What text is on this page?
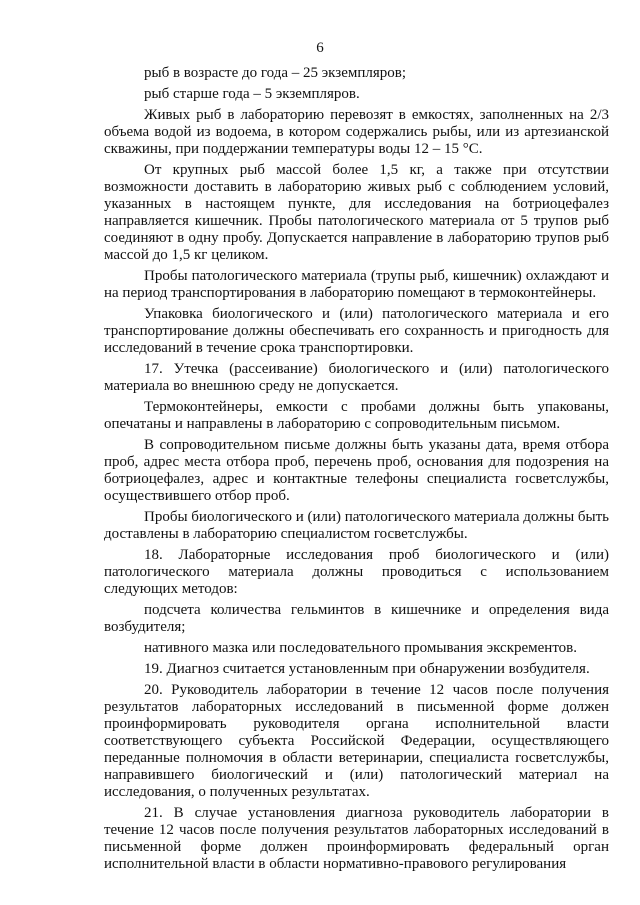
6

рыб в возрасте до года – 25 экземпляров;

рыб старше года – 5 экземпляров.

Живых рыб в лабораторию перевозят в емкостях, заполненных на 2/3 объема водой из водоема, в котором содержались рыбы, или из артезианской скважины, при поддержании температуры воды 12 – 15 °С.

От крупных рыб массой более 1,5 кг, а также при отсутствии возможности доставить в лабораторию живых рыб с соблюдением условий, указанных в настоящем пункте, для исследования на ботриоцефалез направляется кишечник. Пробы патологического материала от 5 трупов рыб соединяют в одну пробу. Допускается направление в лабораторию трупов рыб массой до 1,5 кг целиком.

Пробы патологического материала (трупы рыб, кишечник) охлаждают и на период транспортирования в лабораторию помещают в термоконтейнеры.

Упаковка биологического и (или) патологического материала и его транспортирование должны обеспечивать его сохранность и пригодность для исследований в течение срока транспортировки.

17. Утечка (рассеивание) биологического и (или) патологического материала во внешнюю среду не допускается.

Термоконтейнеры, емкости с пробами должны быть упакованы, опечатаны и направлены в лабораторию с сопроводительным письмом.

В сопроводительном письме должны быть указаны дата, время отбора проб, адрес места отбора проб, перечень проб, основания для подозрения на ботриоцефалез, адрес и контактные телефоны специалиста госветслужбы, осуществившего отбор проб.

Пробы биологического и (или) патологического материала должны быть доставлены в лабораторию специалистом госветслужбы.

18. Лабораторные исследования проб биологического и (или) патологического материала должны проводиться с использованием следующих методов:

подсчета количества гельминтов в кишечнике и определения вида возбудителя;

нативного мазка или последовательного промывания экскрементов.

19. Диагноз считается установленным при обнаружении возбудителя.

20. Руководитель лаборатории в течение 12 часов после получения результатов лабораторных исследований в письменной форме должен проинформировать руководителя органа исполнительной власти соответствующего субъекта Российской Федерации, осуществляющего переданные полномочия в области ветеринарии, специалиста госветслужбы, направившего биологический и (или) патологический материал на исследования, о полученных результатах.

21. В случае установления диагноза руководитель лаборатории в течение 12 часов после получения результатов лабораторных исследований в письменной форме должен проинформировать федеральный орган исполнительной власти в области нормативно-правового регулирования
